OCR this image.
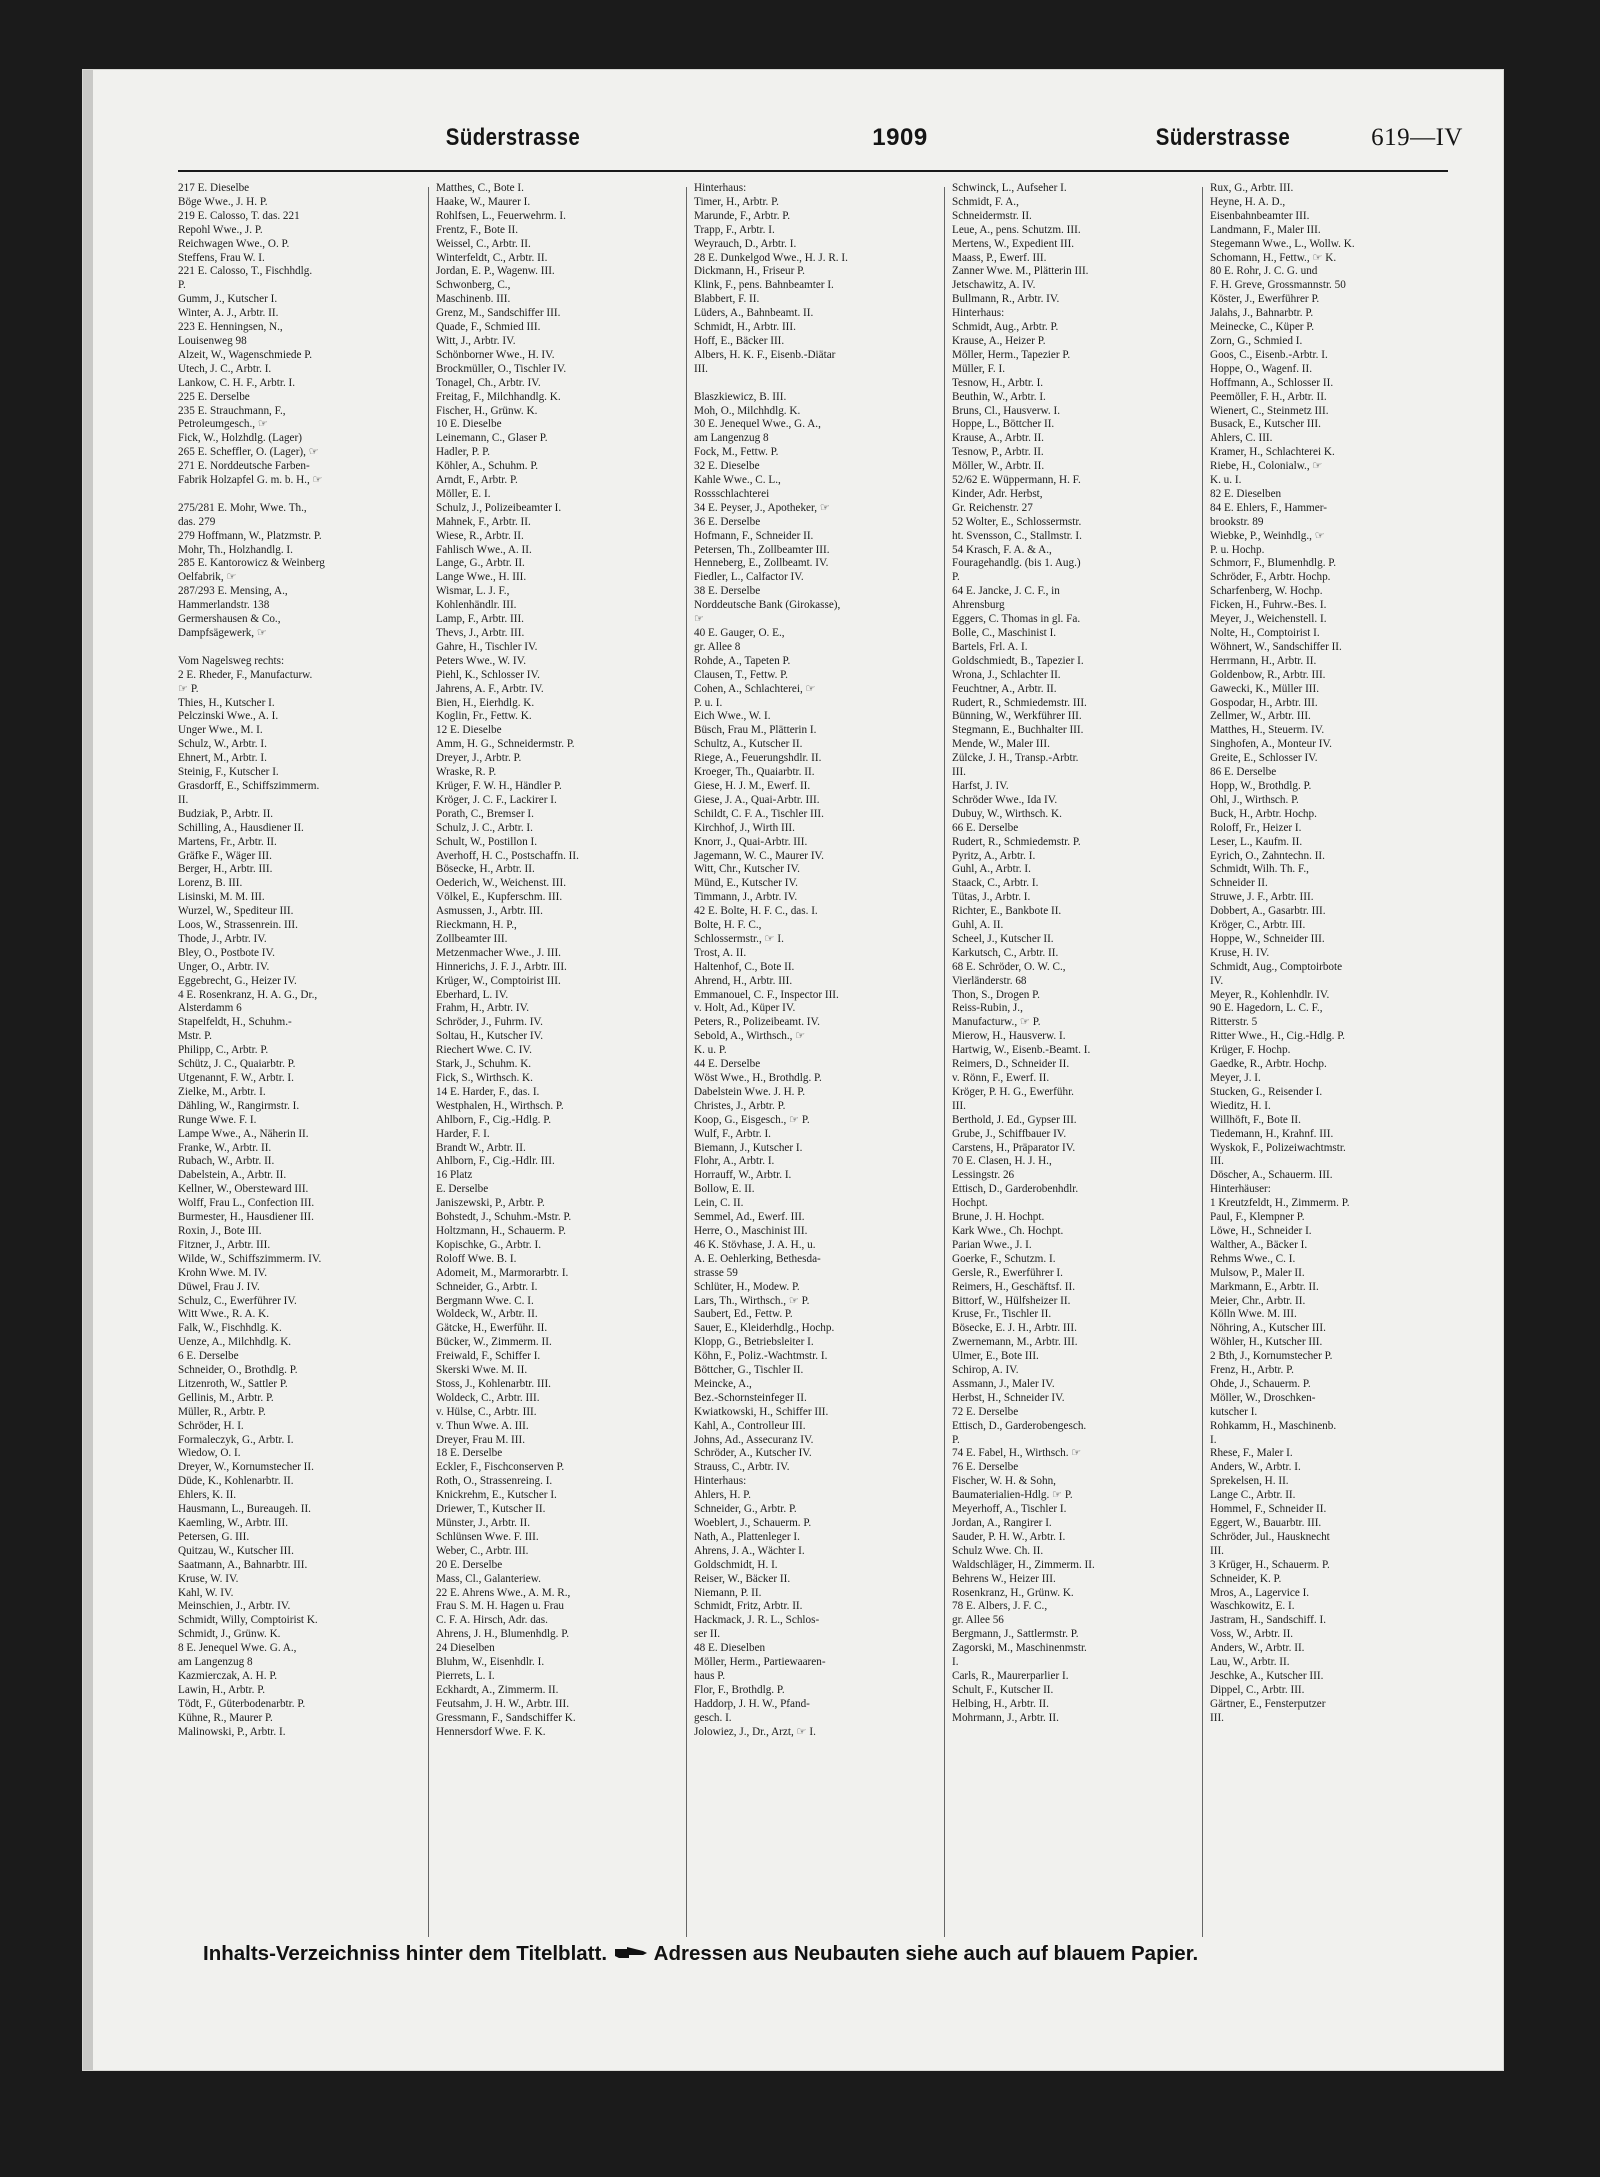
Süderstrasse	1909	Süderstrasse	619—IV
217 E. Dieselbe
Böge Wwe., J. H. P.
219 E. Calosso, T. das. 221
Repohl Wwe., J. P.
Reichwagen Wwe., O. P.
Steffens, Frau W. I.
221 E. Calosso, T., Fischhdlg.
P.
Gumm, J., Kutscher I.
Winter, A. J., Arbtr. II.
223 E. Henningsen, N.,
Louisenweg 98
Alzeit, W., Wagenschmiede P.
Utech, J. C., Arbtr. I.
Lankow, C. H. F., Arbtr. I.
225 E. Derselbe
235 E. Strauchmann, F.,
Petroleumgesch., ☞
Fick, W., Holzhdlg. (Lager)
265 E. Scheffler, O. (Lager), ☞
271 E. Norddeutsche Farben-
Fabrik Holzapfel G. m. b. H., ☞

275/281 E. Mohr, Wwe. Th.,
das. 279
279 Hoffmann, W., Platzmstr. P.
Mohr, Th., Holzhandlg. I.
285 E. Kantorowicz & Weinberg
Oelfabrik, ☞
287/293 E. Mensing, A.,
Hammerlandstr. 138
Germershausen & Co.,
Dampfsägewerk, ☞

Vom Nagelsweg rechts:
2 E. Rheder, F., Manufacturw.
☞ P.
Thies, H., Kutscher I.
Pelczinski Wwe., A. I.
Unger Wwe., M. I.
Schulz, W., Arbtr. I.
Ehnert, M., Arbtr. I.
Steinig, F., Kutscher I.
Grasdorff, E., Schiffszimmerm.
II.
Budziak, P., Arbtr. II.
Schilling, A., Hausdiener II.
Martens, Fr., Arbtr. II.
Gräfke F., Wäger III.
Berger, H., Arbtr. III.
Lorenz, B. III.
Lisinski, M. M. III.
Wurzel, W., Spediteur III.
Loos, W., Strassenrein. III.
Thode, J., Arbtr. IV.
Bley, O., Postbote IV.
Unger, O., Arbtr. IV.
Eggebrecht, G., Heizer IV.
4 E. Rosenkranz, H. A. G., Dr.,
Alsterdamm 6
Stapelfeldt, H., Schuhm.-
Mstr. P.
Philipp, C., Arbtr. P.
Schütz, J. C., Quaiarbtr. P.
Utgenannt, F. W., Arbtr. I.
Zielke, M., Arbtr. I.
Dähling, W., Rangirmstr. I.
Runge Wwe. F. I.
Lampe Wwe., A., Näherin II.
Franke, W., Arbtr. II.
Rubach, W., Arbtr. II.
Dabelstein, A., Arbtr. II.
Kellner, W., Obersteward III.
Wolff, Frau L., Confection III.
Burmester, H., Hausdiener III.
Roxin, J., Bote III.
Fitzner, J., Arbtr. III.
Wilde, W., Schiffszimmerm. IV.
Krohn Wwe. M. IV.
Düwel, Frau J. IV.
Schulz, C., Ewerführer IV.
Witt Wwe., R. A. K.
Falk, W., Fischhdlg. K.
Uenze, A., Milchhdlg. K.
6 E. Derselbe
Schneider, O., Brothdlg. P.
Litzenroth, W., Sattler P.
Gellinis, M., Arbtr. P.
Müller, R., Arbtr. P.
Schröder, H. I.
Formaleczyk, G., Arbtr. I.
Wiedow, O. I.
Dreyer, W., Kornumstecher II.
Düde, K., Kohlenarbtr. II.
Ehlers, K. II.
Hausmann, L., Bureaugeh. II.
Kaemling, W., Arbtr. III.
Petersen, G. III.
Quitzau, W., Kutscher III.
Saatmann, A., Bahnarbtr. III.
Kruse, W. IV.
Kahl, W. IV.
Meinschien, J., Arbtr. IV.
Schmidt, Willy, Comptoirist K.
Schmidt, J., Grünw. K.
8 E. Jenequel Wwe. G. A.,
am Langenzug 8
Kazmierczak, A. H. P.
Lawin, H., Arbtr. P.
Tödt, F., Güterbodenarbtr. P.
Kühne, R., Maurer P.
Malinowski, P., Arbtr. I.
Matthes, C., Bote I.
Haake, W., Maurer I.
Rohlfsen, L., Feuerwehrm. I.
Frentz, F., Bote II.
Weissel, C., Arbtr. II.
Winterfeldt, C., Arbtr. II.
Jordan, E. P., Wagenw. III.
Schwonberg, C.,
Maschinenb. III.
Grenz, M., Sandschiffer III.
Quade, F., Schmied III.
Witt, J., Arbtr. IV.
Schönborner Wwe., H. IV.
Brockmüller, O., Tischler IV.
Tonagel, Ch., Arbtr. IV.
Freitag, F., Milchhandlg. K.
Fischer, H., Grünw. K.
10 E. Dieselbe
Leinemann, C., Glaser P.
Hadler, P. P.
Köhler, A., Schuhm. P.
Arndt, F., Arbtr. P.
Möller, E. I.
Schulz, J., Polizeibeamter I.
Mahnek, F., Arbtr. II.
Wiese, R., Arbtr. II.
Fahlisch Wwe., A. II.
Lange, G., Arbtr. II.
Lange Wwe., H. III.
Wismar, L. J. F.,
Kohlenhändlr. III.
Lamp, F., Arbtr. III.
Thevs, J., Arbtr. III.
Gahre, H., Tischler IV.
Peters Wwe., W. IV.
Piehl, K., Schlosser IV.
Jahrens, A. F., Arbtr. IV.
Bien, H., Eierhdlg. K.
Koglin, Fr., Fettw. K.
12 E. Dieselbe
Amm, H. G., Schneidermstr. P.
Dreyer, J., Arbtr. P.
Wraske, R. P.
Krüger, F. W. H., Händler P.
Kröger, J. C. F., Lackirer I.
Porath, C., Bremser I.
Schulz, J. C., Arbtr. I.
Schult, W., Postillon I.
Averhoff, H. C., Postschaffn. II.
Bösecke, H., Arbtr. II.
Oederich, W., Weichenst. III.
Völkel, E., Kupferschm. III.
Asmussen, J., Arbtr. III.
Rieckmann, H. P.,
Zollbeamter III.
Metzenmacher Wwe., J. III.
Hinnerichs, J. F. J., Arbtr. III.
Krüger, W., Comptoirist III.
Eberhard, L. IV.
Frahm, H., Arbtr. IV.
Schröder, J., Fuhrm. IV.
Soltau, H., Kutscher IV.
Riechert Wwe. C. IV.
Stark, J., Schuhm. K.
Fick, S., Wirthsch. K.
14 E. Harder, F., das. I.
Westphalen, H., Wirthsch. P.
Ahlborn, F., Cig.-Hdlg. P.
Harder, F. I.
Brandt W., Arbtr. II.
Ahlborn, F., Cig.-Hdlr. III.
16 Platz
E. Derselbe
Janiszewski, P., Arbtr. P.
Bohstedt, J., Schuhm.-Mstr. P.
Holtzmann, H., Schauerm. P.
Kopischke, G., Arbtr. I.
Roloff Wwe. B. I.
Adomeit, M., Marmorarbtr. I.
Schneider, G., Arbtr. I.
Bergmann Wwe. C. I.
Woldeck, W., Arbtr. II.
Gätcke, H., Ewerführ. II.
Bücker, W., Zimmerm. II.
Freiwald, F., Schiffer I.
Skerski Wwe. M. II.
Stoss, J., Kohlenarbtr. III.
Woldeck, C., Arbtr. III.
v. Hülse, C., Arbtr. III.
v. Thun Wwe. A. III.
Dreyer, Frau M. III.
18 E. Derselbe
Eckler, F., Fischconserven P.
Roth, O., Strassenreing. I.
Knickrehm, E., Kutscher I.
Driewer, T., Kutscher II.
Münster, J., Arbtr. II.
Schlünsen Wwe. F. III.
Weber, C., Arbtr. III.
20 E. Derselbe
Mass, Cl., Galanteriew.
22 E. Ahrens Wwe., A. M. R.,
Frau S. M. H. Hagen u. Frau
C. F. A. Hirsch, Adr. das.
Ahrens, J. H., Blumenhdlg. P.
24 Dieselben
Bluhm, W., Eisenhdlr. I.
Pierrets, L. I.
Eckhardt, A., Zimmerm. II.
Feutsahm, J. H. W., Arbtr. III.
Gressmann, F., Sandschiffer K.
Hennersdorf Wwe. F. K.
Hinterhaus:
Timer, H., Arbtr. P.
Marunde, F., Arbtr. P.
Trapp, F., Arbtr. I.
Weyrauch, D., Arbtr. I.
28 E. Dunkelgod Wwe., H. J. R. I.
Dickmann, H., Friseur P.
Klink, F., pens. Bahnbeamter I.
Blabbert, F. II.
Lüders, A., Bahnbeamt. II.
Schmidt, H., Arbtr. III.
Hoff, E., Bäcker III.
Albers, H. K. F., Eisenb.-Diätar
III.

Blaszkiewicz, B. III.
Moh, O., Milchhdlg. K.
30 E. Jenequel Wwe., G. A.,
am Langenzug 8
Fock, M., Fettw. P.
32 E. Dieselbe
Kahle Wwe., C. L.,
Rossschlachterei
34 E. Peyser, J., Apotheker, ☞
36 E. Derselbe
Hofmann, F., Schneider II.
Petersen, Th., Zollbeamter III.
Henneberg, E., Zollbeamt. IV.
Fiedler, L., Calfactor IV.
38 E. Derselbe
Norddeutsche Bank (Girokasse),
☞
40 E. Gauger, O. E.,
gr. Allee 8
Rohde, A., Tapeten P.
Clausen, T., Fettw. P.
Cohen, A., Schlachterei, ☞
P. u. I.
Eich Wwe., W. I.
Büsch, Frau M., Plätterin I.
Schultz, A., Kutscher II.
Riege, A., Feuerungshdlr. II.
Kroeger, Th., Quaiarbtr. II.
Giese, H. J. M., Ewerf. II.
Giese, J. A., Quai-Arbtr. III.
Schildt, C. F. A., Tischler III.
Kirchhof, J., Wirth III.
Knorr, J., Quai-Arbtr. III.
Jagemann, W. C., Maurer IV.
Witt, Chr., Kutscher IV.
Münd, E., Kutscher IV.
Timmann, J., Arbtr. IV.
42 E. Bolte, H. F. C., das. I.
Bolte, H. F. C.,
Schlossermstr., ☞ I.
Trost, A. II.
Haltenhof, C., Bote II.
Ahrend, H., Arbtr. III.
Emmanouel, C. F., Inspector III.
v. Holt, Ad., Küper IV.
Peters, R., Polizeibeamt. IV.
Sebold, A., Wirthsch., ☞
K. u. P.
44 E. Derselbe
Wöst Wwe., H., Brothdlg. P.
Dabelstein Wwe. J. H. P.
Christes, J., Arbtr. P.
Koop, G., Eisgesch., ☞ P.
Wulf, F., Arbtr. I.
Biemann, J., Kutscher I.
Flohr, A., Arbtr. I.
Horrauff, W., Arbtr. I.
Bollow, E. II.
Lein, C. II.
Semmel, Ad., Ewerf. III.
Herre, O., Maschinist III.
46 K. Stövhase, J. A. H., u.
A. E. Oehlerking, Bethesda-
strasse 59
Schlüter, H., Modew. P.
Lars, Th., Wirthsch., ☞ P.
Saubert, Ed., Fettw. P.
Sauer, E., Kleiderhdlg., Hochp.
Klopp, G., Betriebsleiter I.
Köhn, F., Poliz.-Wachtmstr. I.
Böttcher, G., Tischler II.
Meincke, A.,
Bez.-Schornsteinfeger II.
Kwiatkowski, H., Schiffer III.
Kahl, A., Controlleur III.
Johns, Ad., Assecuranz IV.
Schröder, A., Kutscher IV.
Strauss, C., Arbtr. IV.
Hinterhaus:
Ahlers, H. P.
Schneider, G., Arbtr. P.
Woeblert, J., Schauerm. P.
Nath, A., Plattenleger I.
Ahrens, J. A., Wächter I.
Goldschmidt, H. I.
Reiser, W., Bäcker II.
Niemann, P. II.
Schmidt, Fritz, Arbtr. II.
Hackmack, J. R. L., Schlos-
ser II.
48 E. Dieselben
Möller, Herm., Partiewaaren-
haus P.
Flor, F., Brothdlg. P.
Haddorp, J. H. W., Pfand-
gesch. I.
Jolowiez, J., Dr., Arzt, ☞ I.
Schwinck, L., Aufseher I.
Schmidt, F. A.,
Schneidermstr. II.
Leue, A., pens. Schutzm. III.
Mertens, W., Expedient III.
Maass, P., Ewerf. III.
Zanner Wwe. M., Plätterin III.
Jetschawitz, A. IV.
Bullmann, R., Arbtr. IV.
Hinterhaus:
Schmidt, Aug., Arbtr. P.
Krause, A., Heizer P.
Möller, Herm., Tapezier P.
Müller, F. I.
Tesnow, H., Arbtr. I.
Beuthin, W., Arbtr. I.
Bruns, Cl., Hausverw. I.
Hoppe, L., Böttcher II.
Krause, A., Arbtr. II.
Tesnow, P., Arbtr. II.
Möller, W., Arbtr. II.
52/62 E. Wüppermann, H. F.
Kinder, Adr. Herbst,
Gr. Reichenstr. 27
52 Wolter, E., Schlossermstr.
ht. Svensson, C., Stallmstr. I.
54 Krasch, F. A. & A.,
Fouragehandlg. (bis 1. Aug.)
P.
64 E. Jancke, J. C. F., in
Ahrensburg
Eggers, C. Thomas in gl. Fa.
Bolle, C., Maschinist I.
Bartels, Frl. A. I.
Goldschmiedt, B., Tapezier I.
Wrona, J., Schlachter II.
Feuchtner, A., Arbtr. II.
Rudert, R., Schmiedemstr. III.
Bünning, W., Werkführer III.
Stegmann, E., Buchhalter III.
Mende, W., Maler III.
Zülcke, J. H., Transp.-Arbtr.
III.
Harfst, J. IV.
Schröder Wwe., Ida IV.
Dubuy, W., Wirthsch. K.
66 E. Derselbe
Rudert, R., Schmiedemstr. P.
Pyritz, A., Arbtr. I.
Guhl, A., Arbtr. I.
Staack, C., Arbtr. I.
Tütas, J., Arbtr. I.
Richter, E., Bankbote II.
Guhl, A. II.
Scheel, J., Kutscher II.
Karkutsch, C., Arbtr. II.
68 E. Schröder, O. W. C.,
Vierländerstr. 68
Thon, S., Drogen P.
Reiss-Rubin, J.,
Manufacturw., ☞ P.
Mierow, H., Hausverw. I.
Hartwig, W., Eisenb.-Beamt. I.
Reimers, D., Schneider II.
v. Rönn, F., Ewerf. II.
Kröger, P. H. G., Ewerführ.
III.
Berthold, J. Ed., Gypser III.
Grube, J., Schiffbauer IV.
Carstens, H., Präparator IV.
70 E. Clasen, H. J. H.,
Lessingstr. 26
Ettisch, D., Garderobenhdlr.
Hochpt.
Brune, J. H. Hochpt.
Kark Wwe., Ch. Hochpt.
Parian Wwe., J. I.
Goerke, F., Schutzm. I.
Gersle, R., Ewerführer I.
Reimers, H., Geschäftsf. II.
Bittorf, W., Hülfsheizer II.
Kruse, Fr., Tischler II.
Bösecke, E. J. H., Arbtr. III.
Zwernemann, M., Arbtr. III.
Ulmer, E., Bote III.
Schirop, A. IV.
Assmann, J., Maler IV.
Herbst, H., Schneider IV.
72 E. Derselbe
Ettisch, D., Garderobengesch.
P.
74 E. Fabel, H., Wirthsch. ☞
76 E. Derselbe
Fischer, W. H. & Sohn,
Baumaterialien-Hdlg. ☞ P.
Meyerhoff, A., Tischler I.
Jordan, A., Rangirer I.
Sauder, P. H. W., Arbtr. I.
Schulz Wwe. Ch. II.
Waldschläger, H., Zimmerm. II.
Behrens W., Heizer III.
Rosenkranz, H., Grünw. K.
78 E. Albers, J. F. C.,
gr. Allee 56
Bergmann, J., Sattlermstr. P.
Zagorski, M., Maschinenmstr.
I.
Carls, R., Maurerparlier I.
Schult, F., Kutscher II.
Helbing, H., Arbtr. II.
Mohrmann, J., Arbtr. II.
Rux, G., Arbtr. III.
Heyne, H. A. D.,
Eisenbahnbeamter III.
Landmann, F., Maler III.
Stegemann Wwe., L., Wollw. K.
Schomann, H., Fettw., ☞ K.
80 E. Rohr, J. C. G. und
F. H. Greve, Grossmannstr. 50
Köster, J., Ewerführer P.
Jalahs, J., Bahnarbtr. P.
Meinecke, C., Küper P.
Zorn, G., Schmied I.
Goos, C., Eisenb.-Arbtr. I.
Hoppe, O., Wagenf. II.
Hoffmann, A., Schlosser II.
Peemöller, F. H., Arbtr. II.
Wienert, C., Steinmetz III.
Busack, E., Kutscher III.
Ahlers, C. III.
Kramer, H., Schlachterei K.
Riebe, H., Colonialw., ☞
K. u. I.
82 E. Dieselben
84 E. Ehlers, F., Hammer-
brookstr. 89
Wiebke, P., Weinhdlg., ☞
P. u. Hochp.
Schmorr, F., Blumenhdlg. P.
Schröder, F., Arbtr. Hochp.
Scharfenberg, W. Hochp.
Ficken, H., Fuhrw.-Bes. I.
Meyer, J., Weichenstell. I.
Nolte, H., Comptoirist I.
Wöhnert, W., Sandschiffer II.
Herrmann, H., Arbtr. II.
Goldenbow, R., Arbtr. III.
Gawecki, K., Müller III.
Gospodar, H., Arbtr. III.
Zellmer, W., Arbtr. III.
Matthes, H., Steuerm. IV.
Singhofen, A., Monteur IV.
Greite, E., Schlosser IV.
86 E. Derselbe
Hopp, W., Brothdlg. P.
Ohl, J., Wirthsch. P.
Buck, H., Arbtr. Hochp.
Roloff, Fr., Heizer I.
Leser, L., Kaufm. II.
Eyrich, O., Zahntechn. II.
Schmidt, Wilh. Th. F.,
Schneider II.
Struwe, J. F., Arbtr. III.
Dobbert, A., Gasarbtr. III.
Kröger, C., Arbtr. III.
Hoppe, W., Schneider III.
Kruse, H. IV.
Schmidt, Aug., Comptoirbote
IV.
Meyer, R., Kohlenhdlr. IV.
90 E. Hagedorn, L. C. F.,
Ritterstr. 5
Ritter Wwe., H., Cig.-Hdlg. P.
Krüger, F. Hochp.
Gaedke, R., Arbtr. Hochp.
Meyer, J. I.
Stucken, G., Reisender I.
Wieditz, H. I.
Willhöft, F., Bote II.
Tiedemann, H., Krahnf. III.
Wyskok, F., Polizeiwachtmstr.
III.
Döscher, A., Schauerm. III.
Hinterhäuser:
1 Kreutzfeldt, H., Zimmerm. P.
Paul, F., Klempner P.
Löwe, H., Schneider I.
Walther, A., Bäcker I.
Rehms Wwe., C. I.
Mulsow, P., Maler II.
Markmann, E., Arbtr. II.
Meier, Chr., Arbtr. II.
Kölln Wwe. M. III.
Nöhring, A., Kutscher III.
Wöhler, H., Kutscher III.
2 Bth, J., Kornumstecher P.
Frenz, H., Arbtr. P.
Ohde, J., Schauerm. P.
Möller, W., Droschken-
kutscher I.
Rohkamm, H., Maschinenb.
I.
Rhese, F., Maler I.
Anders, W., Arbtr. I.
Sprekelsen, H. II.
Lange C., Arbtr. II.
Hommel, F., Schneider II.
Eggert, W., Bauarbtr. III.
Schröder, Jul., Hausknecht
III.
3 Krüger, H., Schauerm. P.
Schneider, K. P.
Mros, A., Lagervice I.
Waschkowitz, E. I.
Jastram, H., Sandschiff. I.
Voss, W., Arbtr. II.
Anders, W., Arbtr. II.
Lau, W., Arbtr. II.
Jeschke, A., Kutscher III.
Dippel, C., Arbtr. III.
Gärtner, E., Fensterputzer
III.
Inhalts-Verzeichniss hinter dem Titelblatt. Adressen aus Neubauten siehe auch auf blauem Papier.
